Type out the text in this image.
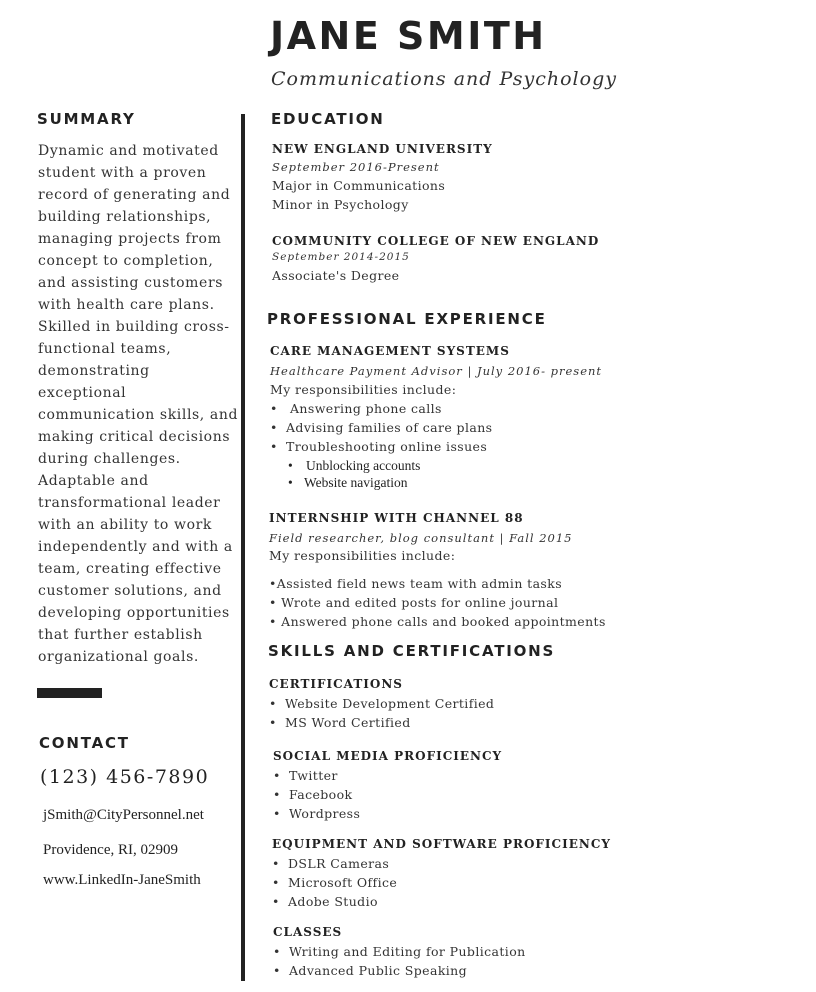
JANE SMITH
Communications and Psychology
SUMMARY
Dynamic and motivated
student with a proven
record of generating and
building relationships,
managing projects from
concept to completion,
and assisting customers
with health care plans.
Skilled in building cross-
functional teams,
demonstrating
exceptional
communication skills, and
making critical decisions
during challenges.
Adaptable and
transformational leader
with an ability to work
independently and with a
team, creating effective
customer solutions, and
developing opportunities
that further establish
organizational goals.
CONTACT
(123) 456-7890
jSmith@CityPersonnel.net
Providence, RI, 02909
www.LinkedIn-JaneSmith
EDUCATION
NEW ENGLAND UNIVERSITY
September 2016-Present
Major in Communications
Minor in Psychology
COMMUNITY COLLEGE OF NEW ENGLAND
September 2014-2015
Associate's Degree
PROFESSIONAL EXPERIENCE
CARE MANAGEMENT SYSTEMS
Healthcare Payment Advisor | July 2016- present
My responsibilities include:
• Answering phone calls
• Advising families of care plans
• Troubleshooting online issues
• Unblocking accounts
• Website navigation
INTERNSHIP WITH CHANNEL 88
Field researcher, blog consultant | Fall 2015
My responsibilities include:
•Assisted field news team with admin tasks
• Wrote and edited posts for online journal
• Answered phone calls and booked appointments
SKILLS AND CERTIFICATIONS
CERTIFICATIONS
• Website Development Certified
• MS Word Certified
SOCIAL MEDIA PROFICIENCY
• Twitter
• Facebook
• Wordpress
EQUIPMENT AND SOFTWARE PROFICIENCY
• DSLR Cameras
• Microsoft Office
• Adobe Studio
CLASSES
• Writing and Editing for Publication
• Advanced Public Speaking
